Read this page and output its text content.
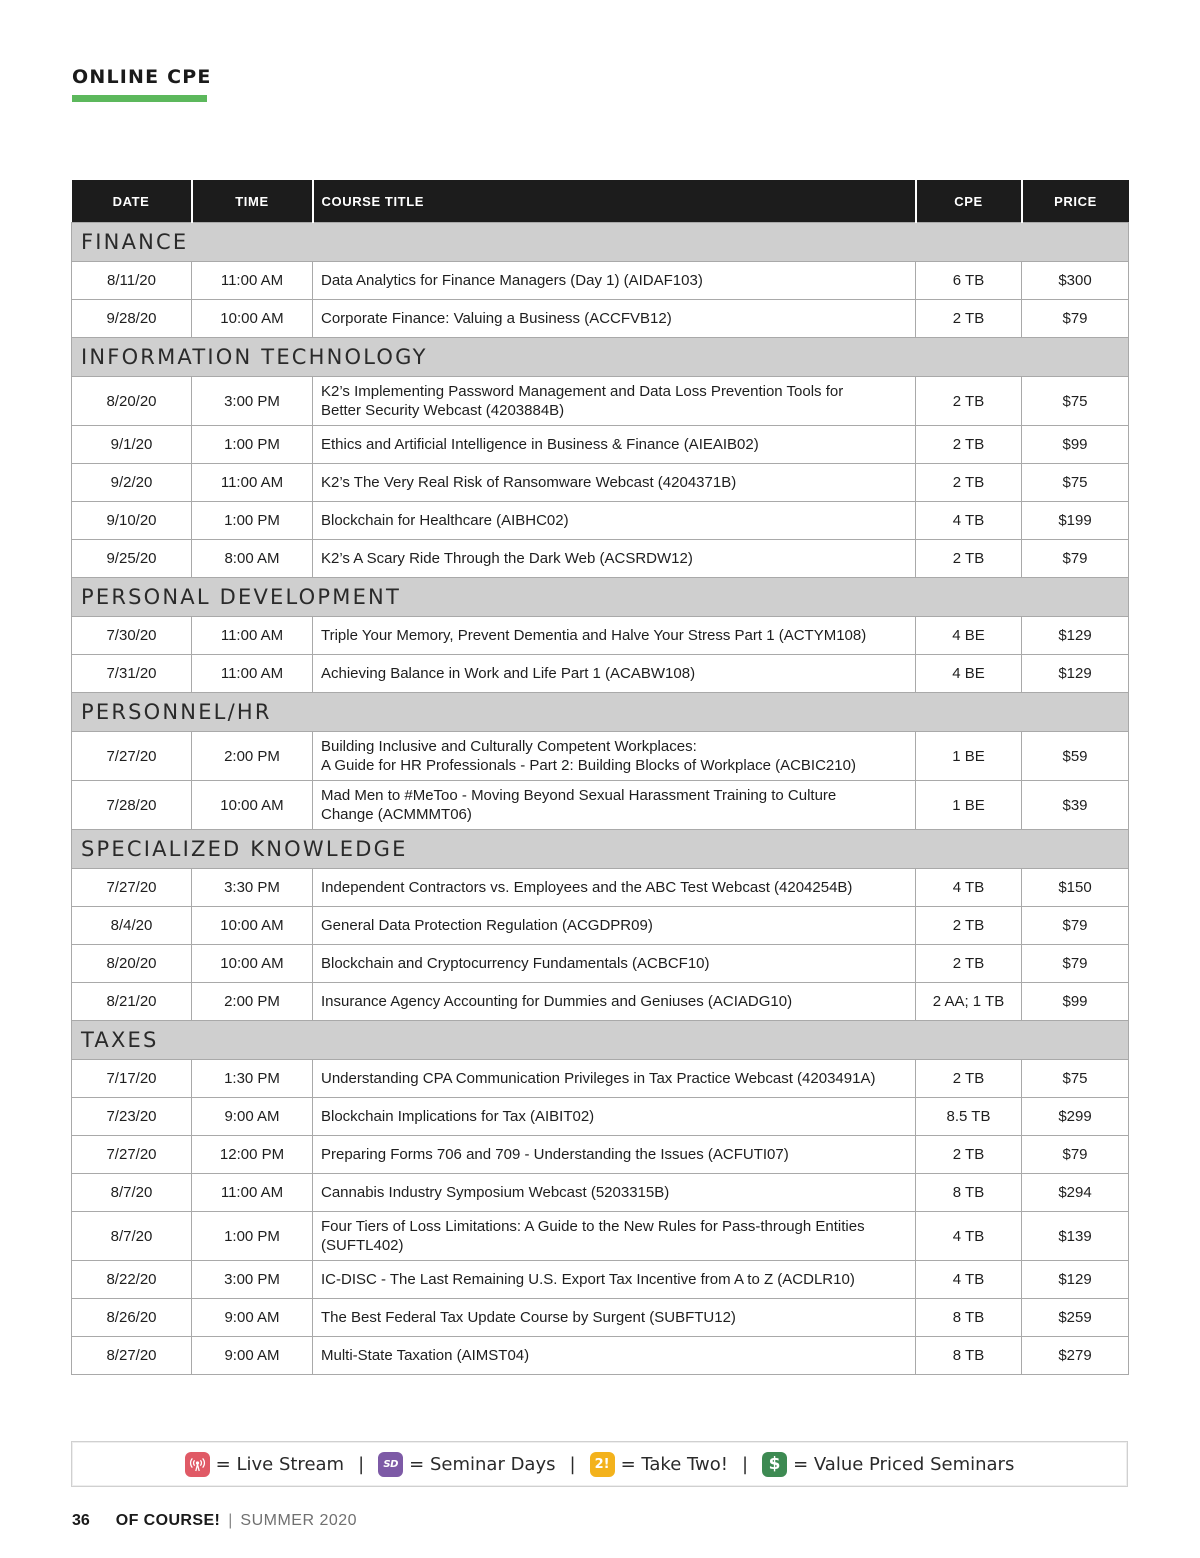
ONLINE CPE
DATE	TIME	COURSE TITLE	CPE	PRICE
FINANCE				
8/11/20	11:00 AM	Data Analytics for Finance Managers (Day 1) (AIDAF103)	6 TB	$300
9/28/20	10:00 AM	Corporate Finance: Valuing a Business (ACCFVB12)	2 TB	$79
INFORMATION TECHNOLOGY				
8/20/20	3:00 PM	K2’s Implementing Password Management and Data Loss Prevention Tools for
Better Security Webcast (4203884B)	2 TB	$75
9/1/20	1:00 PM	Ethics and Artificial Intelligence in Business & Finance (AIEAIB02)	2 TB	$99
9/2/20	11:00 AM	K2’s The Very Real Risk of Ransomware Webcast (4204371B)	2 TB	$75
9/10/20	1:00 PM	Blockchain for Healthcare (AIBHC02)	4 TB	$199
9/25/20	8:00 AM	K2’s A Scary Ride Through the Dark Web (ACSRDW12)	2 TB	$79
PERSONAL DEVELOPMENT				
7/30/20	11:00 AM	Triple Your Memory, Prevent Dementia and Halve Your Stress Part 1 (ACTYM108)	4 BE	$129
7/31/20	11:00 AM	Achieving Balance in Work and Life Part 1 (ACABW108)	4 BE	$129
PERSONNEL/HR				
7/27/20	2:00 PM	Building Inclusive and Culturally Competent Workplaces:
A Guide for HR Professionals - Part 2: Building Blocks of Workplace (ACBIC210)	1 BE	$59
7/28/20	10:00 AM	Mad Men to #MeToo - Moving Beyond Sexual Harassment Training to Culture
Change (ACMMMT06)	1 BE	$39
SPECIALIZED KNOWLEDGE				
7/27/20	3:30 PM	Independent Contractors vs. Employees and the ABC Test Webcast (4204254B)	4 TB	$150
8/4/20	10:00 AM	General Data Protection Regulation (ACGDPR09)	2 TB	$79
8/20/20	10:00 AM	Blockchain and Cryptocurrency Fundamentals (ACBCF10)	2 TB	$79
8/21/20	2:00 PM	Insurance Agency Accounting for Dummies and Geniuses (ACIADG10)	2 AA; 1 TB	$99
TAXES				
7/17/20	1:30 PM	Understanding CPA Communication Privileges in Tax Practice Webcast (4203491A)	2 TB	$75
7/23/20	9:00 AM	Blockchain Implications for Tax (AIBIT02)	8.5 TB	$299
7/27/20	12:00 PM	Preparing Forms 706 and 709 - Understanding the Issues (ACFUTI07)	2 TB	$79
8/7/20	11:00 AM	Cannabis Industry Symposium Webcast (5203315B)	8 TB	$294
8/7/20	1:00 PM	Four Tiers of Loss Limitations: A Guide to the New Rules for Pass-through Entities
(SUFTL402)	4 TB	$139
8/22/20	3:00 PM	IC-DISC - The Last Remaining U.S. Export Tax Incentive from A to Z (ACDLR10)	4 TB	$129
8/26/20	9:00 AM	The Best Federal Tax Update Course by Surgent (SUBFTU12)	8 TB	$259
8/27/20	9:00 AM	Multi-State Taxation (AIMST04)	8 TB	$279
= Live Stream |	SD = Seminar Days |	2! = Take Two! |	$ = Value Priced Seminars
36 OF COURSE! | SUMMER 2020
